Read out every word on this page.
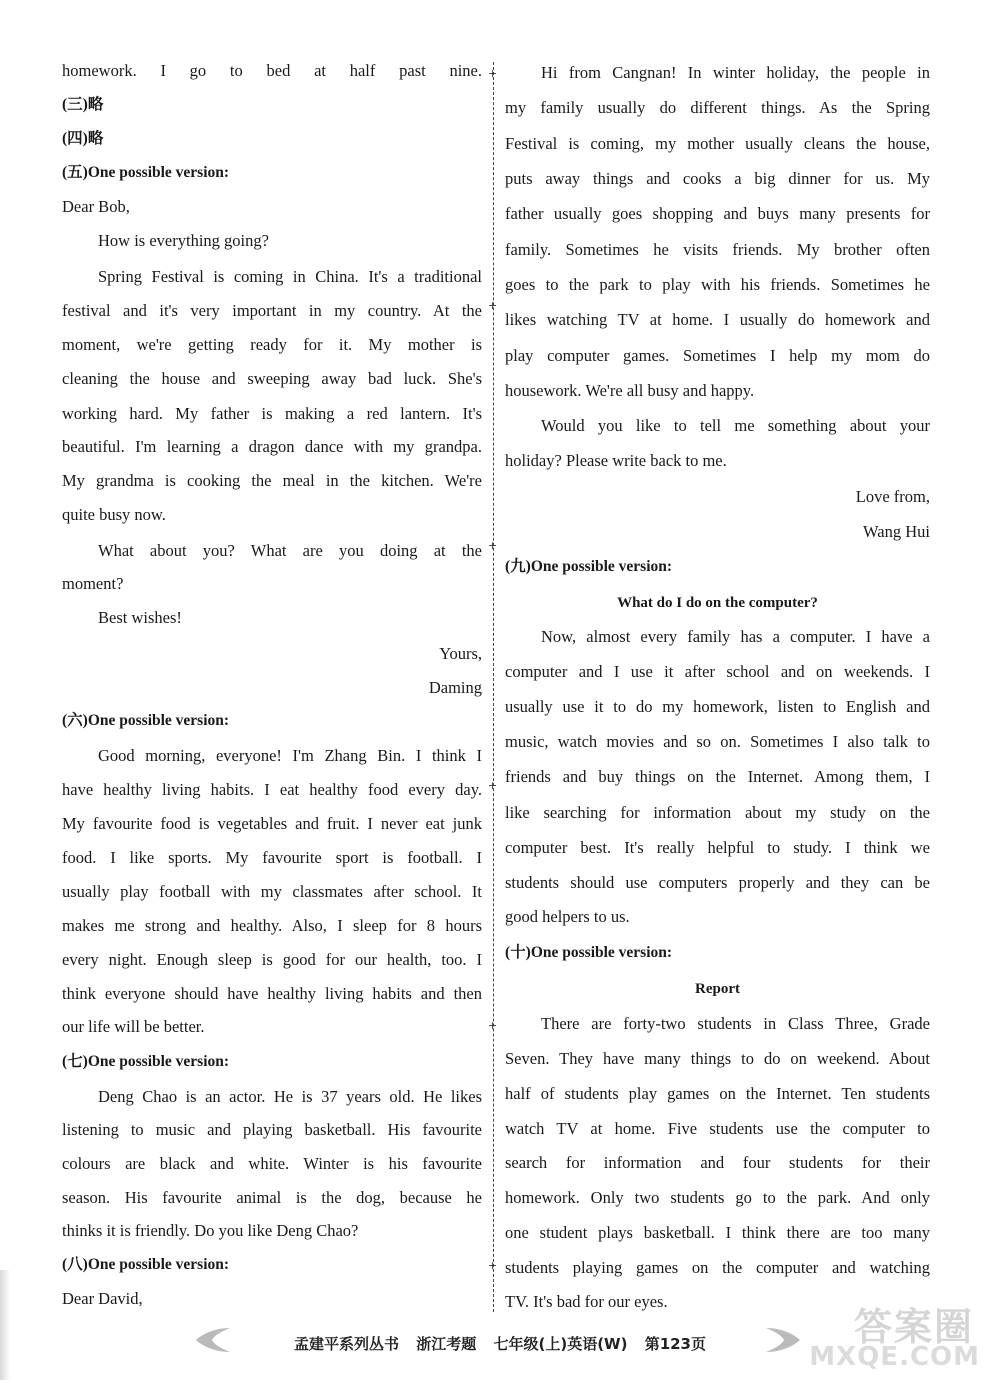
homework. I go to bed at half past nine.
(三)略
(四)略
(五)One possible version:
Dear Bob,
How is everything going?
Spring Festival is coming in China. It's a traditional
festival and it's very important in my country. At the
moment, we're getting ready for it. My mother is
cleaning the house and sweeping away bad luck. She's
working hard. My father is making a red lantern. It's
beautiful. I'm learning a dragon dance with my grandpa.
My grandma is cooking the meal in the kitchen. We're
quite busy now.
What about you? What are you doing at the
moment?
Best wishes!
Yours,
Daming
(六)One possible version:
Good morning, everyone! I'm Zhang Bin. I think I
have healthy living habits. I eat healthy food every day.
My favourite food is vegetables and fruit. I never eat junk
food. I like sports. My favourite sport is football. I
usually play football with my classmates after school. It
makes me strong and healthy. Also, I sleep for 8 hours
every night. Enough sleep is good for our health, too. I
think everyone should have healthy living habits and then
our life will be better.
(七)One possible version:
Deng Chao is an actor. He is 37 years old. He likes
listening to music and playing basketball. His favourite
colours are black and white. Winter is his favourite
season. His favourite animal is the dog, because he
thinks it is friendly. Do you like Deng Chao?
(八)One possible version:
Dear David,
+
+
+
+
+
+
Hi from Cangnan! In winter holiday, the people in
my family usually do different things. As the Spring
Festival is coming, my mother usually cleans the house,
puts away things and cooks a big dinner for us. My
father usually goes shopping and buys many presents for
family. Sometimes he visits friends. My brother often
goes to the park to play with his friends. Sometimes he
likes watching TV at home. I usually do homework and
play computer games. Sometimes I help my mom do
housework. We're all busy and happy.
Would you like to tell me something about your
holiday? Please write back to me.
Love from,
Wang Hui
(九)One possible version:
What do I do on the computer?
Now, almost every family has a computer. I have a
computer and I use it after school and on weekends. I
usually use it to do my homework, listen to English and
music, watch movies and so on. Sometimes I also talk to
friends and buy things on the Internet. Among them, I
like searching for information about my study on the
computer best. It's really helpful to study. I think we
students should use computers properly and they can be
good helpers to us.
(十)One possible version:
Report
There are forty-two students in Class Three, Grade
Seven. They have many things to do on weekend. About
half of students play games on the Internet. Ten students
watch TV at home. Five students use the computer to
search for information and four students for their
homework. Only two students go to the park. And only
one student plays basketball. I think there are too many
students playing games on the computer and watching
TV. It's bad for our eyes.
孟建平系列丛书 浙江考题 七年级(上)英语(W) 第123页	答案圈
MXQE.COM
